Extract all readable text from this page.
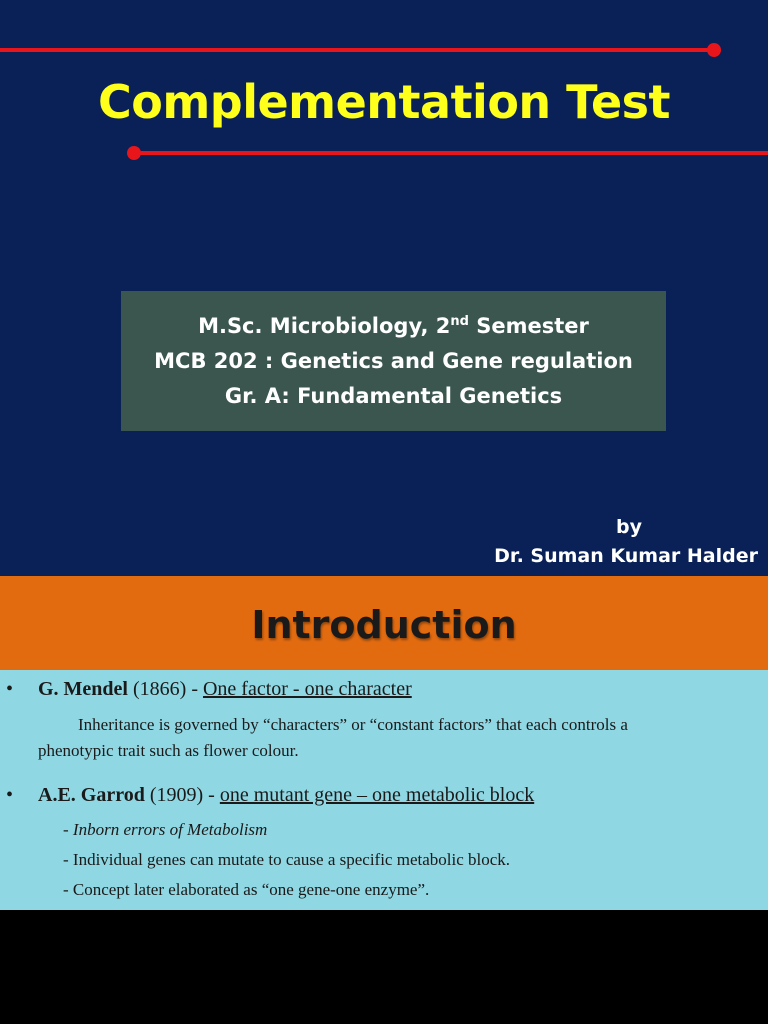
Complementation Test
M.Sc. Microbiology, 2nd Semester
MCB 202 : Genetics and Gene regulation
Gr. A: Fundamental Genetics
by
Dr. Suman Kumar Halder
Introduction
• G. Mendel (1866) - One factor - one character
Inheritance is governed by “characters” or “constant factors” that each controls a
phenotypic trait such as flower colour.
• A.E. Garrod (1909) - one mutant gene – one metabolic block
- Inborn errors of Metabolism
- Individual genes can mutate to cause a specific metabolic block.
- Concept later elaborated as “one gene-one enzyme”.
